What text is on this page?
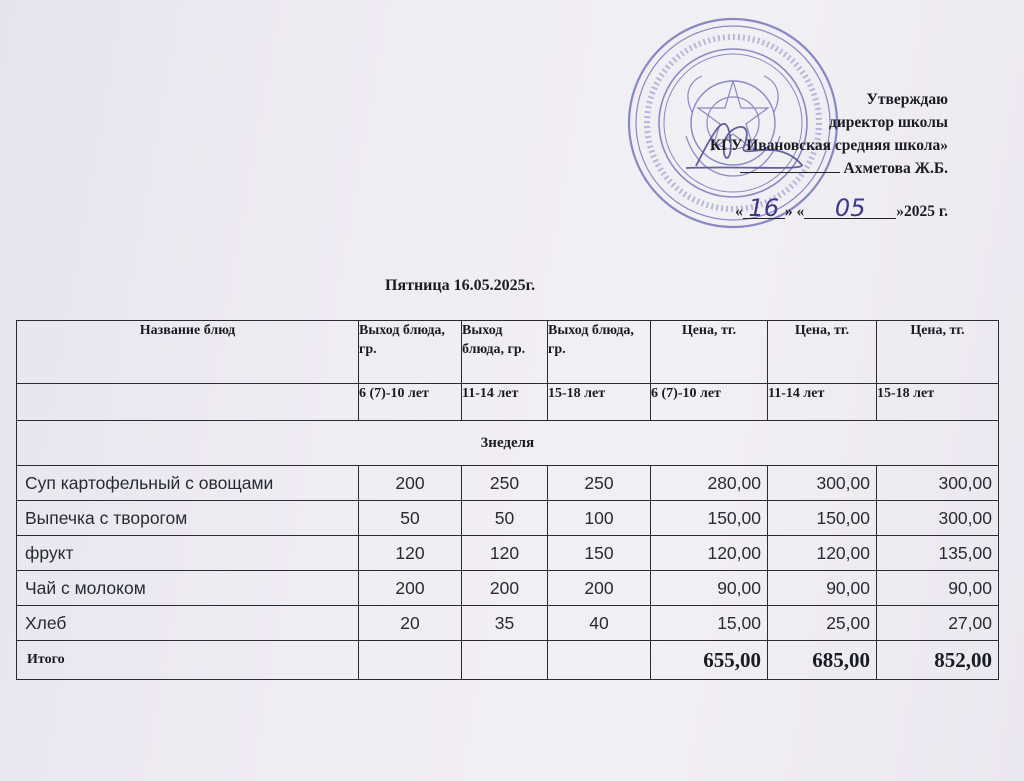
Утверждаю
директор школы
КГУ Ивановская средняя школа»
Ахметова Ж.Б.
« 16 » « 05 »2025 г.
Пятница 16.05.2025г.
Название блюд	Выход блюда, гр.	Выход блюда, гр.	Выход блюда, гр.	Цена, тг.	Цена, тг.	Цена, тг.
	6 (7)-10 лет	11-14 лет	15-18 лет	6 (7)-10 лет	11-14 лет	15-18 лет
3неделя						
Суп картофельный с овощами	200	250	250	280,00	300,00	300,00
Выпечка с творогом	50	50	100	150,00	150,00	300,00
фрукт	120	120	150	120,00	120,00	135,00
Чай с молоком	200	200	200	90,00	90,00	90,00
Хлеб	20	35	40	15,00	25,00	27,00
Итого				655,00	685,00	852,00
